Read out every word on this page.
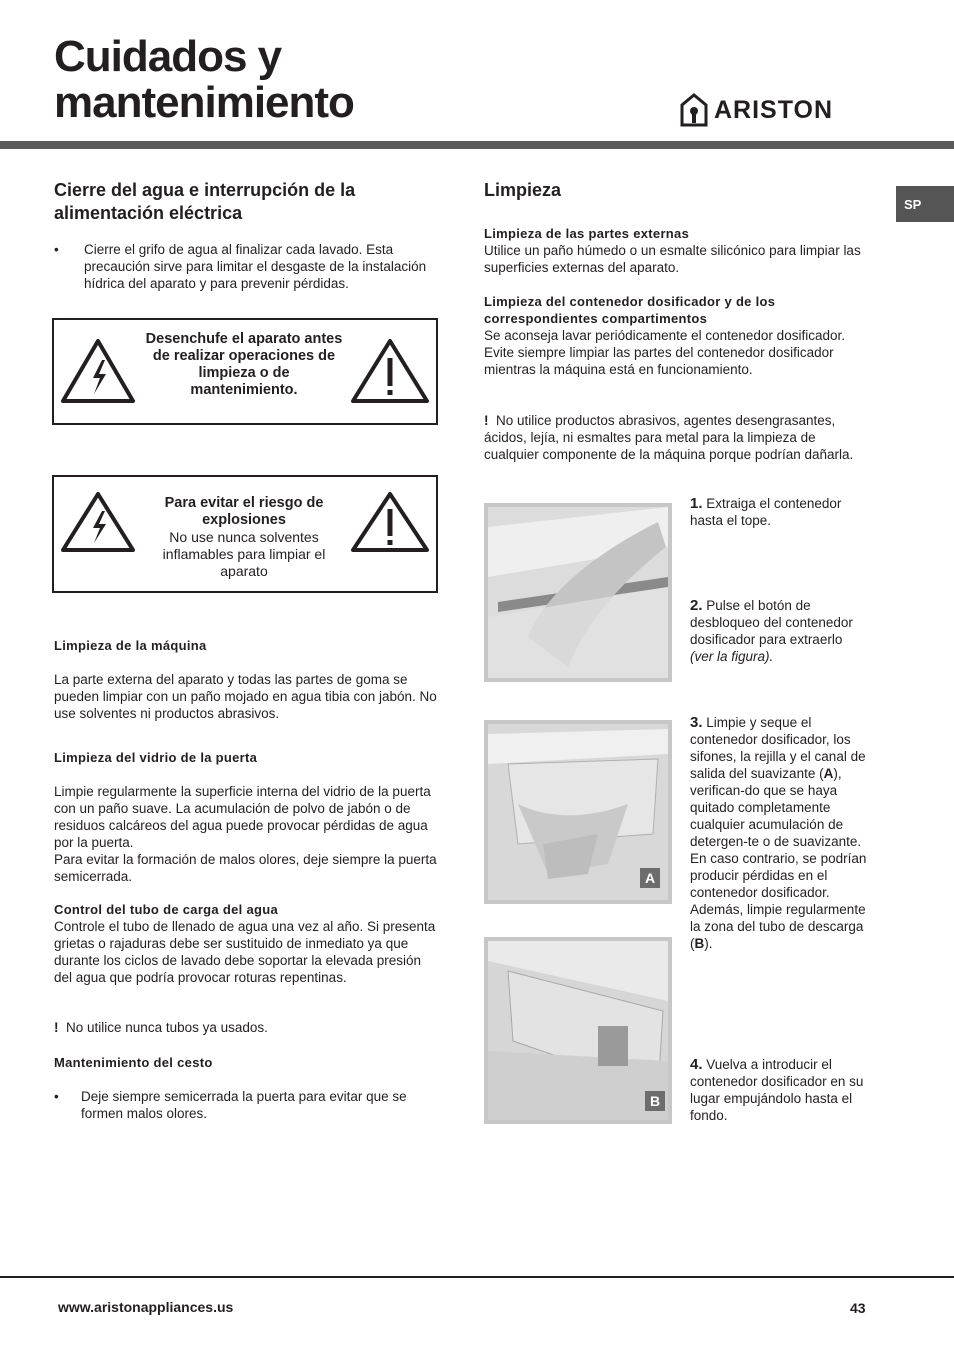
Cuidados y
mantenimiento	ARISTON
SP
Cierre del agua e interrupción de la alimentación eléctrica
•	Cierre el grifo de agua al finalizar cada lavado. Esta precaución sirve para limitar el desgaste de la instalación hídrica del aparato y para prevenir pérdidas.
Desenchufe el aparato antes de realizar operaciones de limpieza o de mantenimiento.
Para evitar el riesgo de explosiones
No use nunca solventes inflamables para limpiar el aparato
Limpieza de la máquina

La parte externa del aparato y todas las partes de goma se pueden limpiar con un paño mojado en agua tibia con jabón. No use solventes ni productos abrasivos.

Limpieza del vidrio de la puerta

Limpie regularmente la superficie interna del vidrio de la puerta con un paño suave. La acumulación de polvo de jabón o de residuos calcáreos del agua puede provocar pérdidas de agua por la puerta.

Para evitar la formación de malos olores, deje siempre la puerta semicerrada.

Control del tubo de carga del agua

Controle el tubo de llenado de agua una vez al año. Si presenta grietas o rajaduras debe ser sustituido de inmediato ya que durante los ciclos de lavado debe soportar la elevada presión del agua que podría provocar roturas repentinas.

! No utilice nunca tubos ya usados.

Mantenimiento del cesto
•	Deje siempre semicerrada la puerta para evitar que se formen malos olores.
Limpieza
Limpieza de las partes externas

Utilice un paño húmedo o un esmalte silicónico para limpiar las superficies externas del aparato.

Limpieza del contenedor dosificador y de los correspondientes compartimentos

Se aconseja lavar periódicamente el contenedor dosificador. Evite siempre limpiar las partes del contenedor dosificador mientras la máquina está en funcionamiento.

! No utilice productos abrasivos, agentes desengrasantes, ácidos, lejía, ni esmaltes para metal para la limpieza de cualquier componente de la máquina porque podrían dañarla.

A
B

1. Extraiga el contenedor hasta el tope.

2. Pulse el botón de desbloqueo del contenedor dosificador para extraerlo (ver la figura).

3. Limpie y seque el contenedor dosificador, los sifones, la rejilla y el canal de salida del suavizante (A), verifican-do que se haya quitado completamente cualquier acumulación de detergen-te o de suavizante. En caso contrario, se podrían producir pérdidas en el contenedor dosificador. Además, limpie regularmente la zona del tubo de descarga (B).

4. Vuelva a introducir el contenedor dosificador en su lugar empujándolo hasta el fondo.

www.aristonappliances.us	43
